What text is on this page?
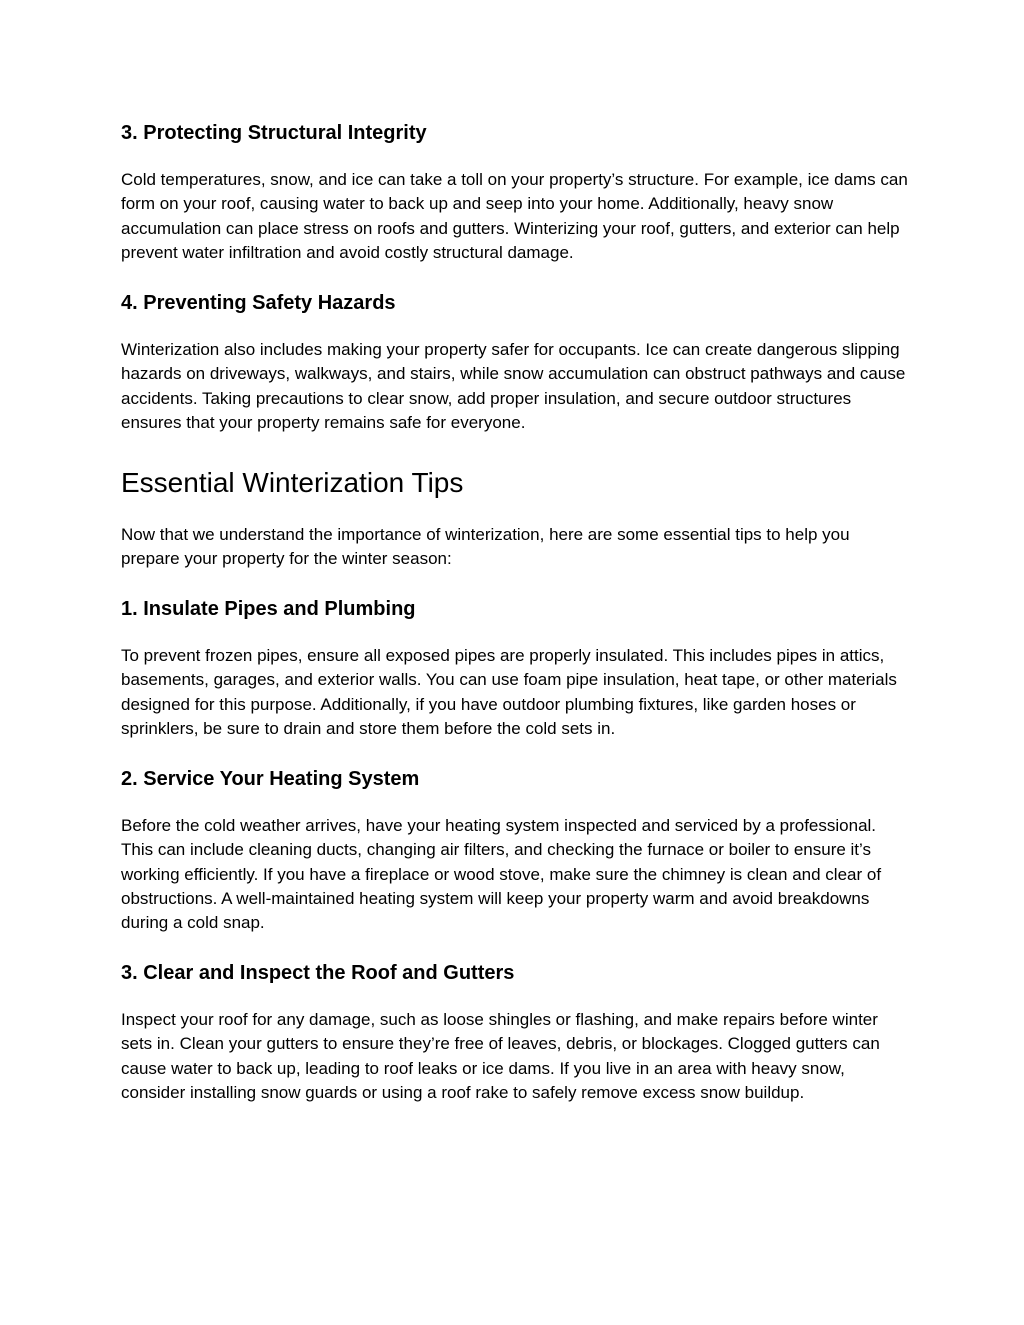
3. Protecting Structural Integrity

Cold temperatures, snow, and ice can take a toll on your property’s structure. For example, ice dams can form on your roof, causing water to back up and seep into your home. Additionally, heavy snow accumulation can place stress on roofs and gutters. Winterizing your roof, gutters, and exterior can help prevent water infiltration and avoid costly structural damage.

4. Preventing Safety Hazards

Winterization also includes making your property safer for occupants. Ice can create dangerous slipping hazards on driveways, walkways, and stairs, while snow accumulation can obstruct pathways and cause accidents. Taking precautions to clear snow, add proper insulation, and secure outdoor structures ensures that your property remains safe for everyone.

Essential Winterization Tips

Now that we understand the importance of winterization, here are some essential tips to help you prepare your property for the winter season:

1. Insulate Pipes and Plumbing

To prevent frozen pipes, ensure all exposed pipes are properly insulated. This includes pipes in attics, basements, garages, and exterior walls. You can use foam pipe insulation, heat tape, or other materials designed for this purpose. Additionally, if you have outdoor plumbing fixtures, like garden hoses or sprinklers, be sure to drain and store them before the cold sets in.

2. Service Your Heating System

Before the cold weather arrives, have your heating system inspected and serviced by a professional. This can include cleaning ducts, changing air filters, and checking the furnace or boiler to ensure it’s working efficiently. If you have a fireplace or wood stove, make sure the chimney is clean and clear of obstructions. A well-maintained heating system will keep your property warm and avoid breakdowns during a cold snap.

3. Clear and Inspect the Roof and Gutters

Inspect your roof for any damage, such as loose shingles or flashing, and make repairs before winter sets in. Clean your gutters to ensure they’re free of leaves, debris, or blockages. Clogged gutters can cause water to back up, leading to roof leaks or ice dams. If you live in an area with heavy snow, consider installing snow guards or using a roof rake to safely remove excess snow buildup.
